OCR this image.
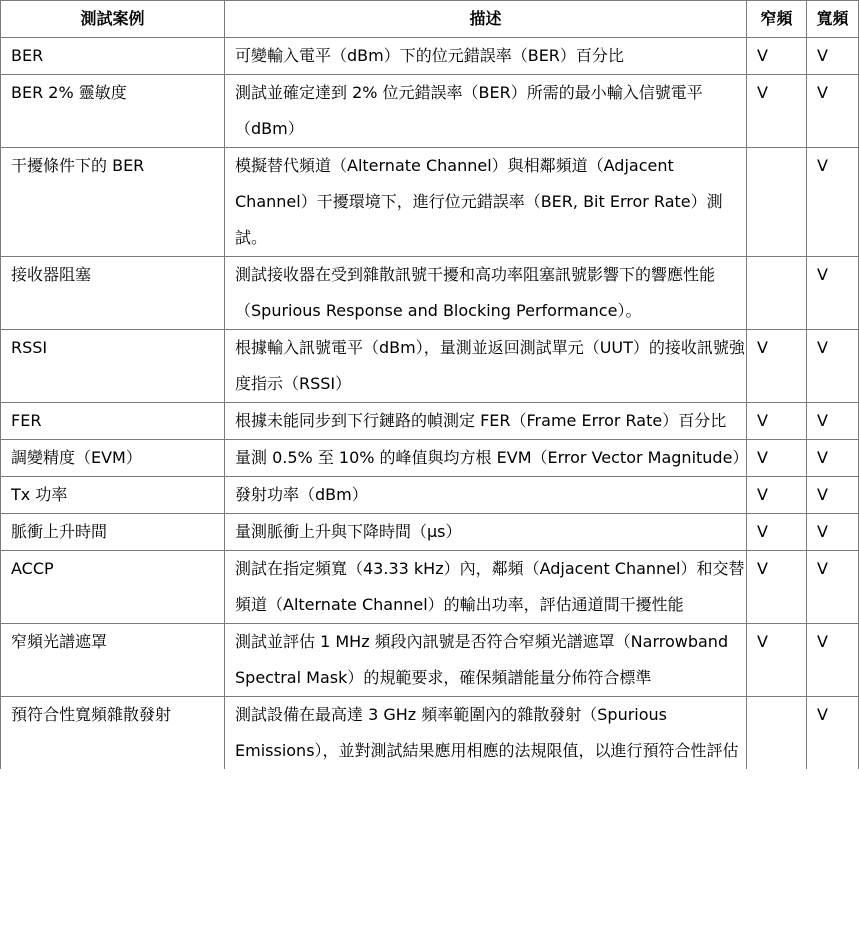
測試案例	描述	窄頻	寬頻
BER	可變輸入電平（dBm）下的位元錯誤率（BER）百分比	V	V
BER 2% 靈敏度	測試並確定達到 2% 位元錯誤率（BER）所需的最小輸入信號電平（dBm）	V	V
干擾條件下的 BER	模擬替代頻道（Alternate Channel）與相鄰頻道（Adjacent Channel）干擾環境下，進行位元錯誤率（BER, Bit Error Rate）測試。		V
接收器阻塞	測試接收器在受到雜散訊號干擾和高功率阻塞訊號影響下的響應性能（Spurious Response and Blocking Performance）。		V
RSSI	根據輸入訊號電平（dBm），量測並返回測試單元（UUT）的接收訊號強度指示（RSSI）	V	V
FER	根據未能同步到下行鏈路的幀測定 FER（Frame Error Rate）百分比	V	V
調變精度（EVM）	量測 0.5% 至 10% 的峰值與均方根 EVM（Error Vector Magnitude）	V	V
Tx 功率	發射功率（dBm）	V	V
脈衝上升時間	量測脈衝上升與下降時間（μs）	V	V
ACCP	測試在指定頻寬（43.33 kHz）內，鄰頻（Adjacent Channel）和交替頻道（Alternate Channel）的輸出功率，評估通道間干擾性能	V	V
窄頻光譜遮罩	測試並評估 1 MHz 頻段內訊號是否符合窄頻光譜遮罩（Narrowband Spectral Mask）的規範要求，確保頻譜能量分佈符合標準	V	V
預符合性寬頻雜散發射	測試設備在最高達 3 GHz 頻率範圍內的雜散發射（Spurious Emissions），並對測試結果應用相應的法規限值，以進行預符合性評估		V
